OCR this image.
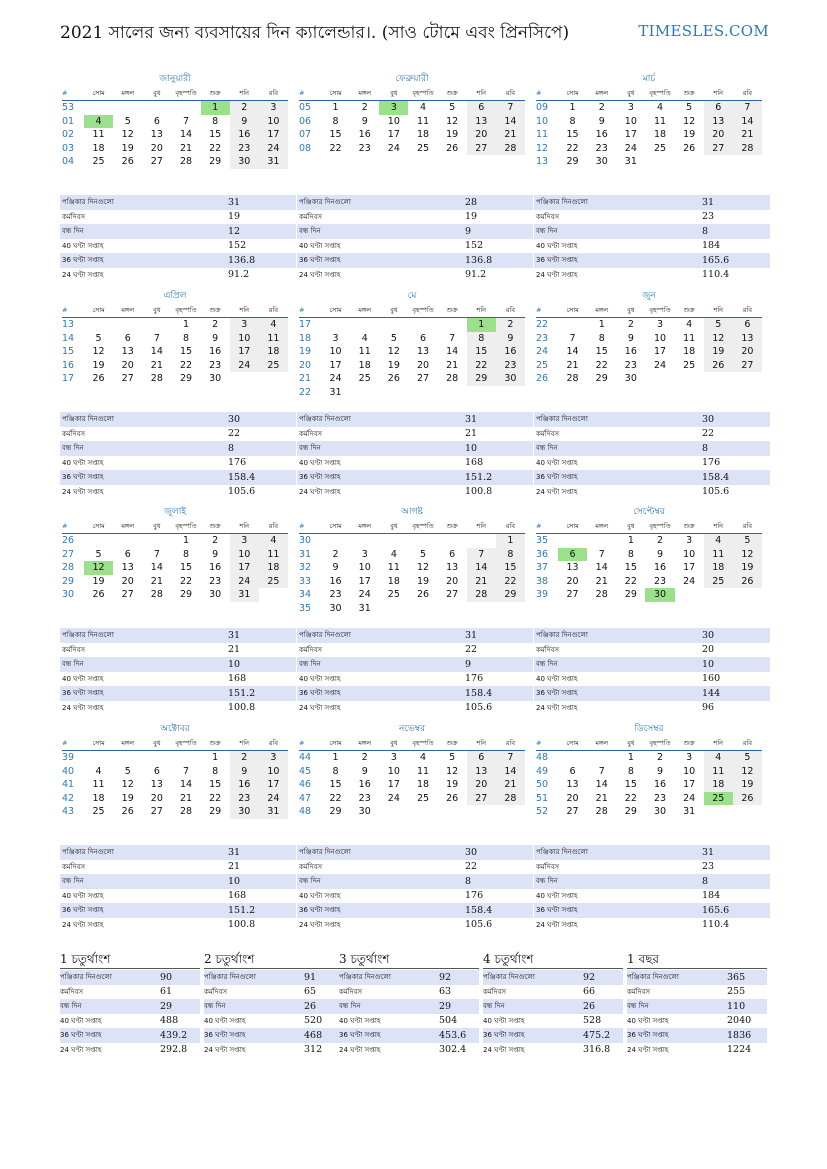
2021 সালের জন্য ব্যবসায়ের দিন ক্যালেন্ডার।. (সাও টোমে এবং প্রিনসিপে)	TIMESLES.COM
জানুয়ারী
#	সোম	মঙ্গল	বুধ	বৃহস্পতি	শুক্র	শনি	রবি
53					1	2	3
01	4	5	6	7	8	9	10
02	11	12	13	14	15	16	17
03	18	19	20	21	22	23	24
04	25	26	27	28	29	30	31
পঞ্জিকার দিনগুলো	31
কর্মদিবস	19
বন্ধ দিন	12
40 ঘণ্টা সপ্তাহ	152
36 ঘণ্টা সপ্তাহ	136.8
24 ঘণ্টা সপ্তাহ	91.2
ফেব্রুয়ারী
#	সোম	মঙ্গল	বুধ	বৃহস্পতি	শুক্র	শনি	রবি
05	1	2	3	4	5	6	7
06	8	9	10	11	12	13	14
07	15	16	17	18	19	20	21
08	22	23	24	25	26	27	28
পঞ্জিকার দিনগুলো	28
কর্মদিবস	19
বন্ধ দিন	9
40 ঘণ্টা সপ্তাহ	152
36 ঘণ্টা সপ্তাহ	136.8
24 ঘণ্টা সপ্তাহ	91.2
মার্চ
#	সোম	মঙ্গল	বুধ	বৃহস্পতি	শুক্র	শনি	রবি
09	1	2	3	4	5	6	7
10	8	9	10	11	12	13	14
11	15	16	17	18	19	20	21
12	22	23	24	25	26	27	28
13	29	30	31				
পঞ্জিকার দিনগুলো	31
কর্মদিবস	23
বন্ধ দিন	8
40 ঘণ্টা সপ্তাহ	184
36 ঘণ্টা সপ্তাহ	165.6
24 ঘণ্টা সপ্তাহ	110.4
এপ্রিল
#	সোম	মঙ্গল	বুধ	বৃহস্পতি	শুক্র	শনি	রবি
13				1	2	3	4
14	5	6	7	8	9	10	11
15	12	13	14	15	16	17	18
16	19	20	21	22	23	24	25
17	26	27	28	29	30		
পঞ্জিকার দিনগুলো	30
কর্মদিবস	22
বন্ধ দিন	8
40 ঘণ্টা সপ্তাহ	176
36 ঘণ্টা সপ্তাহ	158.4
24 ঘণ্টা সপ্তাহ	105.6
মে
#	সোম	মঙ্গল	বুধ	বৃহস্পতি	শুক্র	শনি	রবি
17						1	2
18	3	4	5	6	7	8	9
19	10	11	12	13	14	15	16
20	17	18	19	20	21	22	23
21	24	25	26	27	28	29	30
22	31						
পঞ্জিকার দিনগুলো	31
কর্মদিবস	21
বন্ধ দিন	10
40 ঘণ্টা সপ্তাহ	168
36 ঘণ্টা সপ্তাহ	151.2
24 ঘণ্টা সপ্তাহ	100.8
জুন
#	সোম	মঙ্গল	বুধ	বৃহস্পতি	শুক্র	শনি	রবি
22		1	2	3	4	5	6
23	7	8	9	10	11	12	13
24	14	15	16	17	18	19	20
25	21	22	23	24	25	26	27
26	28	29	30				
পঞ্জিকার দিনগুলো	30
কর্মদিবস	22
বন্ধ দিন	8
40 ঘণ্টা সপ্তাহ	176
36 ঘণ্টা সপ্তাহ	158.4
24 ঘণ্টা সপ্তাহ	105.6
জুলাই
#	সোম	মঙ্গল	বুধ	বৃহস্পতি	শুক্র	শনি	রবি
26				1	2	3	4
27	5	6	7	8	9	10	11
28	12	13	14	15	16	17	18
29	19	20	21	22	23	24	25
30	26	27	28	29	30	31	
পঞ্জিকার দিনগুলো	31
কর্মদিবস	21
বন্ধ দিন	10
40 ঘণ্টা সপ্তাহ	168
36 ঘণ্টা সপ্তাহ	151.2
24 ঘণ্টা সপ্তাহ	100.8
আগষ্ট
#	সোম	মঙ্গল	বুধ	বৃহস্পতি	শুক্র	শনি	রবি
30							1
31	2	3	4	5	6	7	8
32	9	10	11	12	13	14	15
33	16	17	18	19	20	21	22
34	23	24	25	26	27	28	29
35	30	31					
পঞ্জিকার দিনগুলো	31
কর্মদিবস	22
বন্ধ দিন	9
40 ঘণ্টা সপ্তাহ	176
36 ঘণ্টা সপ্তাহ	158.4
24 ঘণ্টা সপ্তাহ	105.6
সেপ্টেম্বর
#	সোম	মঙ্গল	বুধ	বৃহস্পতি	শুক্র	শনি	রবি
35			1	2	3	4	5
36	6	7	8	9	10	11	12
37	13	14	15	16	17	18	19
38	20	21	22	23	24	25	26
39	27	28	29	30			
পঞ্জিকার দিনগুলো	30
কর্মদিবস	20
বন্ধ দিন	10
40 ঘণ্টা সপ্তাহ	160
36 ঘণ্টা সপ্তাহ	144
24 ঘণ্টা সপ্তাহ	96
অক্টোবর
#	সোম	মঙ্গল	বুধ	বৃহস্পতি	শুক্র	শনি	রবি
39					1	2	3
40	4	5	6	7	8	9	10
41	11	12	13	14	15	16	17
42	18	19	20	21	22	23	24
43	25	26	27	28	29	30	31
পঞ্জিকার দিনগুলো	31
কর্মদিবস	21
বন্ধ দিন	10
40 ঘণ্টা সপ্তাহ	168
36 ঘণ্টা সপ্তাহ	151.2
24 ঘণ্টা সপ্তাহ	100.8
নভেম্বর
#	সোম	মঙ্গল	বুধ	বৃহস্পতি	শুক্র	শনি	রবি
44	1	2	3	4	5	6	7
45	8	9	10	11	12	13	14
46	15	16	17	18	19	20	21
47	22	23	24	25	26	27	28
48	29	30					
পঞ্জিকার দিনগুলো	30
কর্মদিবস	22
বন্ধ দিন	8
40 ঘণ্টা সপ্তাহ	176
36 ঘণ্টা সপ্তাহ	158.4
24 ঘণ্টা সপ্তাহ	105.6
ডিসেম্বর
#	সোম	মঙ্গল	বুধ	বৃহস্পতি	শুক্র	শনি	রবি
48			1	2	3	4	5
49	6	7	8	9	10	11	12
50	13	14	15	16	17	18	19
51	20	21	22	23	24	25	26
52	27	28	29	30	31		
পঞ্জিকার দিনগুলো	31
কর্মদিবস	23
বন্ধ দিন	8
40 ঘণ্টা সপ্তাহ	184
36 ঘণ্টা সপ্তাহ	165.6
24 ঘণ্টা সপ্তাহ	110.4
1 চতুর্থাংশ
পঞ্জিকার দিনগুলো	90
কর্মদিবস	61
বন্ধ দিন	29
40 ঘণ্টা সপ্তাহ	488
36 ঘণ্টা সপ্তাহ	439.2
24 ঘণ্টা সপ্তাহ	292.8
2 চতুর্থাংশ
পঞ্জিকার দিনগুলো	91
কর্মদিবস	65
বন্ধ দিন	26
40 ঘণ্টা সপ্তাহ	520
36 ঘণ্টা সপ্তাহ	468
24 ঘণ্টা সপ্তাহ	312
3 চতুর্থাংশ
পঞ্জিকার দিনগুলো	92
কর্মদিবস	63
বন্ধ দিন	29
40 ঘণ্টা সপ্তাহ	504
36 ঘণ্টা সপ্তাহ	453.6
24 ঘণ্টা সপ্তাহ	302.4
4 চতুর্থাংশ
পঞ্জিকার দিনগুলো	92
কর্মদিবস	66
বন্ধ দিন	26
40 ঘণ্টা সপ্তাহ	528
36 ঘণ্টা সপ্তাহ	475.2
24 ঘণ্টা সপ্তাহ	316.8
1 বছর
পঞ্জিকার দিনগুলো	365
কর্মদিবস	255
বন্ধ দিন	110
40 ঘণ্টা সপ্তাহ	2040
36 ঘণ্টা সপ্তাহ	1836
24 ঘণ্টা সপ্তাহ	1224
